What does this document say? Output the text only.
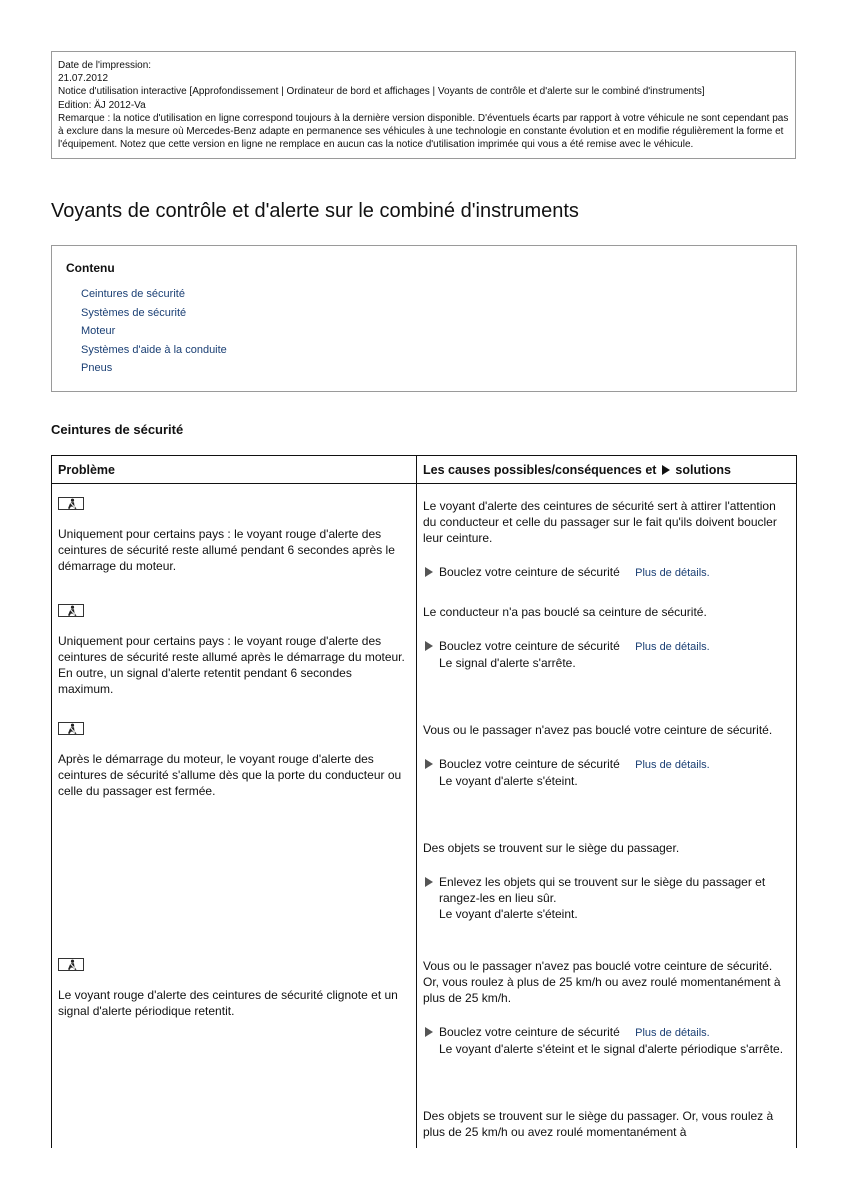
Date de l'impression:
21.07.2012
Notice d'utilisation interactive [Approfondissement | Ordinateur de bord et affichages | Voyants de contrôle et d'alerte sur le combiné d'instruments]
Edition: ÄJ 2012-Va
Remarque : la notice d'utilisation en ligne correspond toujours à la dernière version disponible. D'éventuels écarts par rapport à votre véhicule ne sont cependant pas à exclure dans la mesure où Mercedes-Benz adapte en permanence ses véhicules à une technologie en constante évolution et en modifie régulièrement la forme et l'équipement. Notez que cette version en ligne ne remplace en aucun cas la notice d'utilisation imprimée qui vous a été remise avec le véhicule.
Voyants de contrôle et d'alerte sur le combiné d'instruments
Contenu
Ceintures de sécurité
Systèmes de sécurité
Moteur
Systèmes d'aide à la conduite
Pneus
Ceintures de sécurité
Problème	Les causes possibles/conséquences et solutions

Uniquement pour certains pays : le voyant rouge d'alerte des ceintures de sécurité reste allumé pendant 6 secondes après le démarrage du moteur.	Le voyant d'alerte des ceintures de sécurité sert à attirer l'attention du conducteur et celle du passager sur le fait qu'ils doivent boucler leur ceinture.

Bouclez votre ceinture de sécurité Plus de détails.

Uniquement pour certains pays : le voyant rouge d'alerte des ceintures de sécurité reste allumé après le démarrage du moteur. En outre, un signal d'alerte retentit pendant 6 secondes maximum.	Le conducteur n'a pas bouclé sa ceinture de sécurité.

Bouclez votre ceinture de sécurité Plus de détails.
Le signal d'alerte s'arrête.

Après le démarrage du moteur, le voyant rouge d'alerte des ceintures de sécurité s'allume dès que la porte du conducteur ou celle du passager est fermée.	Vous ou le passager n'avez pas bouclé votre ceinture de sécurité.

Bouclez votre ceinture de sécurité Plus de détails.
Le voyant d'alerte s'éteint.

	Des objets se trouvent sur le siège du passager.

Enlevez les objets qui se trouvent sur le siège du passager et rangez-les en lieu sûr.
Le voyant d'alerte s'éteint.

Le voyant rouge d'alerte des ceintures de sécurité clignote et un signal d'alerte périodique retentit.	Vous ou le passager n'avez pas bouclé votre ceinture de sécurité. Or, vous roulez à plus de 25 km/h ou avez roulé momentanément à plus de 25 km/h.

Bouclez votre ceinture de sécurité Plus de détails.
Le voyant d'alerte s'éteint et le signal d'alerte périodique s'arrête.

	Des objets se trouvent sur le siège du passager. Or, vous roulez à plus de 25 km/h ou avez roulé momentanément à
